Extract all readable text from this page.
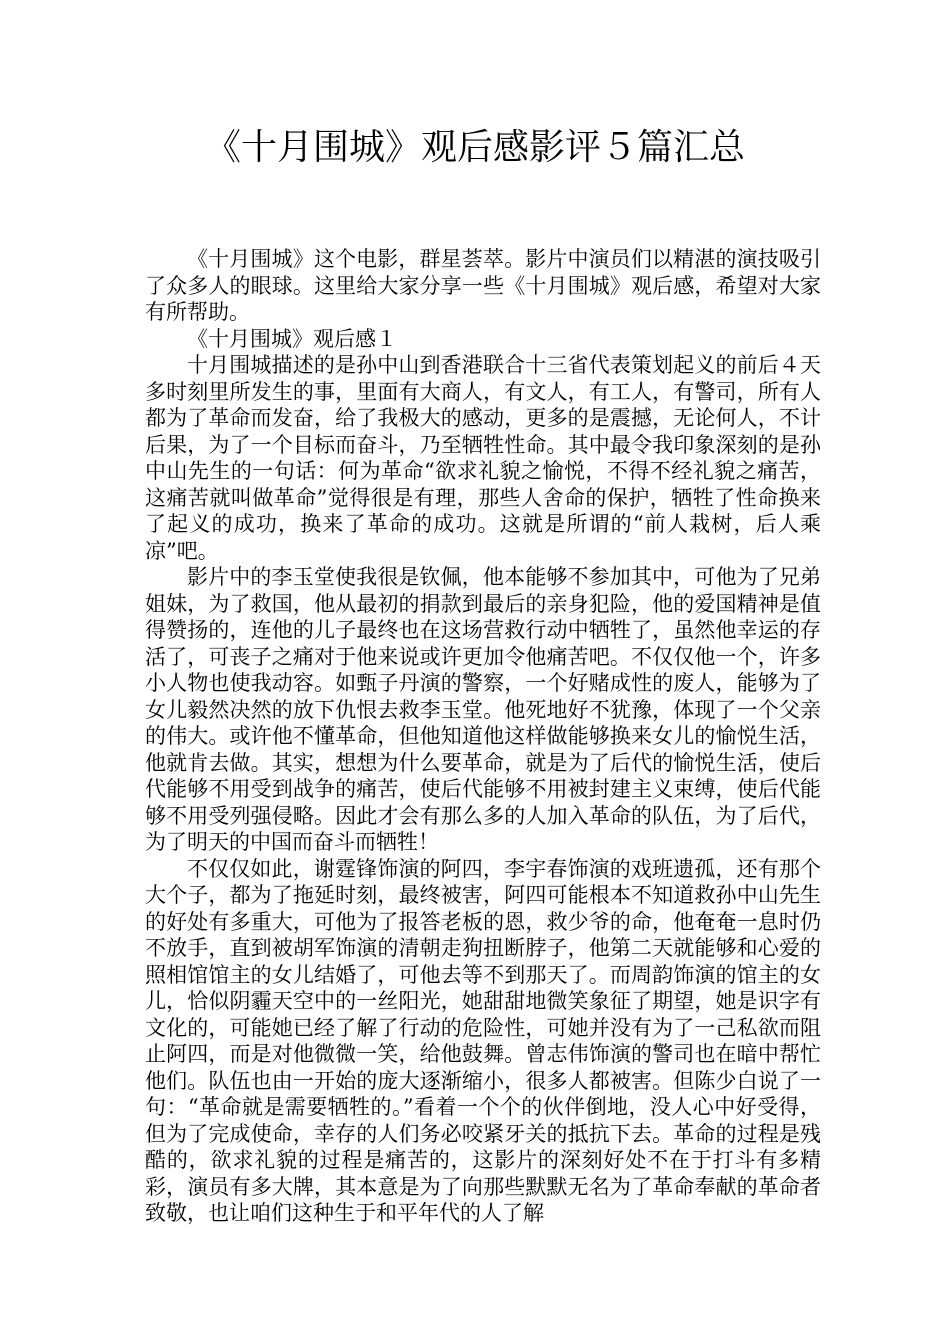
《十月围城》观后感影评５篇汇总

《十月围城》这个电影，群星荟萃。影片中演员们以精湛的演技吸引了众多人的眼球。这里给大家分享一些《十月围城》观后感，希望对大家有所帮助。

《十月围城》观后感１

十月围城描述的是孙中山到香港联合十三省代表策划起义的前后４天多时刻里所发生的事，里面有大商人，有文人，有工人，有警司，所有人都为了革命而发奋，给了我极大的感动，更多的是震撼，无论何人，不计后果，为了一个目标而奋斗，乃至牺牲性命。其中最令我印象深刻的是孙中山先生的一句话：何为革命“欲求礼貌之愉悦，不得不经礼貌之痛苦，这痛苦就叫做革命”觉得很是有理，那些人舍命的保护，牺牲了性命换来了起义的成功，换来了革命的成功。这就是所谓的“前人栽树，后人乘凉”吧。

影片中的李玉堂使我很是钦佩，他本能够不参加其中，可他为了兄弟姐妹，为了救国，他从最初的捐款到最后的亲身犯险，他的爱国精神是值得赞扬的，连他的儿子最终也在这场营救行动中牺牲了，虽然他幸运的存活了，可丧子之痛对于他来说或许更加令他痛苦吧。不仅仅他一个，许多小人物也使我动容。如甄子丹演的警察，一个好赌成性的废人，能够为了女儿毅然决然的放下仇恨去救李玉堂。他死地好不犹豫，体现了一个父亲的伟大。或许他不懂革命，但他知道他这样做能够换来女儿的愉悦生活，他就肯去做。其实，想想为什么要革命，就是为了后代的愉悦生活，使后代能够不用受到战争的痛苦，使后代能够不用被封建主义束缚，使后代能够不用受列强侵略。因此才会有那么多的人加入革命的队伍，为了后代，为了明天的中国而奋斗而牺牲！

不仅仅如此，谢霆锋饰演的阿四，李宇春饰演的戏班遗孤，还有那个大个子，都为了拖延时刻，最终被害，阿四可能根本不知道救孙中山先生的好处有多重大，可他为了报答老板的恩，救少爷的命，他奄奄一息时仍不放手，直到被胡军饰演的清朝走狗扭断脖子，他第二天就能够和心爱的照相馆馆主的女儿结婚了，可他去等不到那天了。而周韵饰演的馆主的女儿，恰似阴霾天空中的一丝阳光，她甜甜地微笑象征了期望，她是识字有文化的，可能她已经了解了行动的危险性，可她并没有为了一己私欲而阻止阿四，而是对他微微一笑，给他鼓舞。曾志伟饰演的警司也在暗中帮忙他们。队伍也由一开始的庞大逐渐缩小，很多人都被害。但陈少白说了一句：“革命就是需要牺牲的。”看着一个个的伙伴倒地，没人心中好受得，但为了完成使命，幸存的人们务必咬紧牙关的抵抗下去。革命的过程是残酷的，欲求礼貌的过程是痛苦的，这影片的深刻好处不在于打斗有多精彩，演员有多大牌，其本意是为了向那些默默无名为了革命奉献的革命者致敬，也让咱们这种生于和平年代的人了解
